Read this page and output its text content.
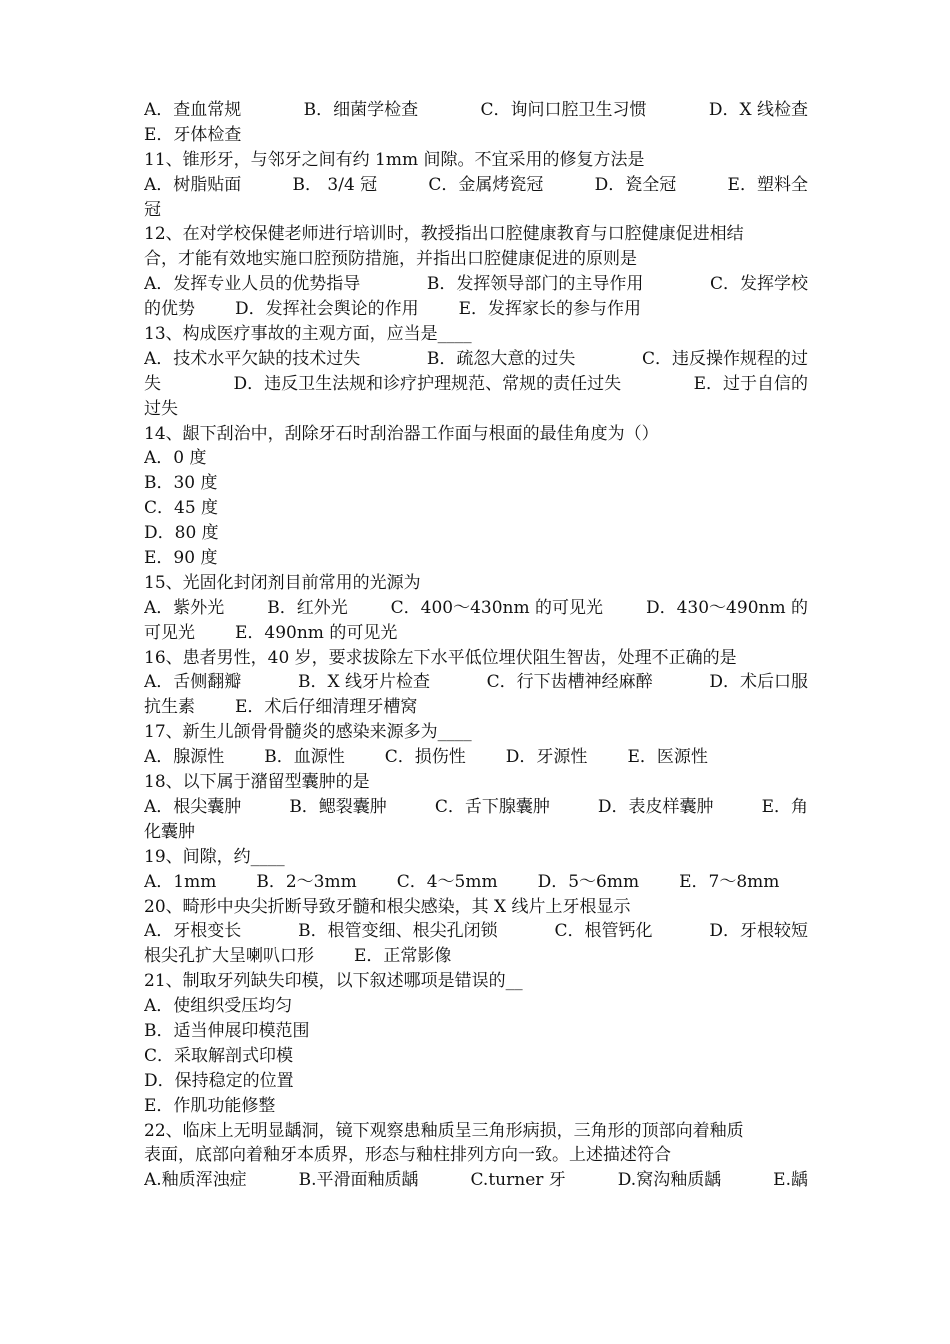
A．查血常规	B．细菌学检查	C．询问口腔卫生习惯	D．X 线检查
E．牙体检查
11、锥形牙，与邻牙之间有约 1mm 间隙。不宜采用的修复方法是
A．树脂贴面	B． 3/4 冠	C．金属烤瓷冠	D．瓷全冠	E．塑料全
冠
12、在对学校保健老师进行培训时，教授指出口腔健康教育与口腔健康促进相结
合，才能有效地实施口腔预防措施，并指出口腔健康促进的原则是
A．发挥专业人员的优势指导	B．发挥领导部门的主导作用	C．发挥学校
的优势 D．发挥社会舆论的作用 E．发挥家长的参与作用
13、构成医疗事故的主观方面，应当是____
A．技术水平欠缺的技术过失	B．疏忽大意的过失	C．违反操作规程的过
失	D．违反卫生法规和诊疗护理规范、常规的责任过失	E．过于自信的
过失
14、龈下刮治中，刮除牙石时刮治器工作面与根面的最佳角度为（）
A．0 度
B．30 度
C．45 度
D．80 度
E．90 度
15、光固化封闭剂目前常用的光源为
A．紫外光	B．红外光	C．400～430nm 的可见光	D．430～490nm 的
可见光 E．490nm 的可见光
16、患者男性，40 岁，要求拔除左下水平低位埋伏阻生智齿，处理不正确的是
A．舌侧翻瓣	B．X 线牙片检查	C．行下齿槽神经麻醉	D．术后口服
抗生素 E．术后仔细清理牙槽窝
17、新生儿颌骨骨髓炎的感染来源多为____
A．腺源性 B．血源性 C．损伤性 D．牙源性 E．医源性
18、以下属于潴留型囊肿的是
A．根尖囊肿	B．鳃裂囊肿	C．舌下腺囊肿	D．表皮样囊肿	E．角
化囊肿
19、间隙，约____
A．1mm B．2～3mm C．4～5mm D．5～6mm E．7～8mm
20、畸形中央尖折断导致牙髓和根尖感染，其 X 线片上牙根显示
A．牙根变长	B．根管变细、根尖孔闭锁	C．根管钙化	D．牙根较短
根尖孔扩大呈喇叭口形 E．正常影像
21、制取牙列缺失印模，以下叙述哪项是错误的__
A．使组织受压均匀
B．适当伸展印模范围
C．采取解剖式印模
D．保持稳定的位置
E．作肌功能修整
22、临床上无明显龋洞，镜下观察患釉质呈三角形病损，三角形的顶部向着釉质
表面，底部向着釉牙本质界，形态与釉柱排列方向一致。上述描述符合
A.釉质浑浊症	B.平滑面釉质龋	C.turner 牙	D.窝沟釉质龋	E.龋
